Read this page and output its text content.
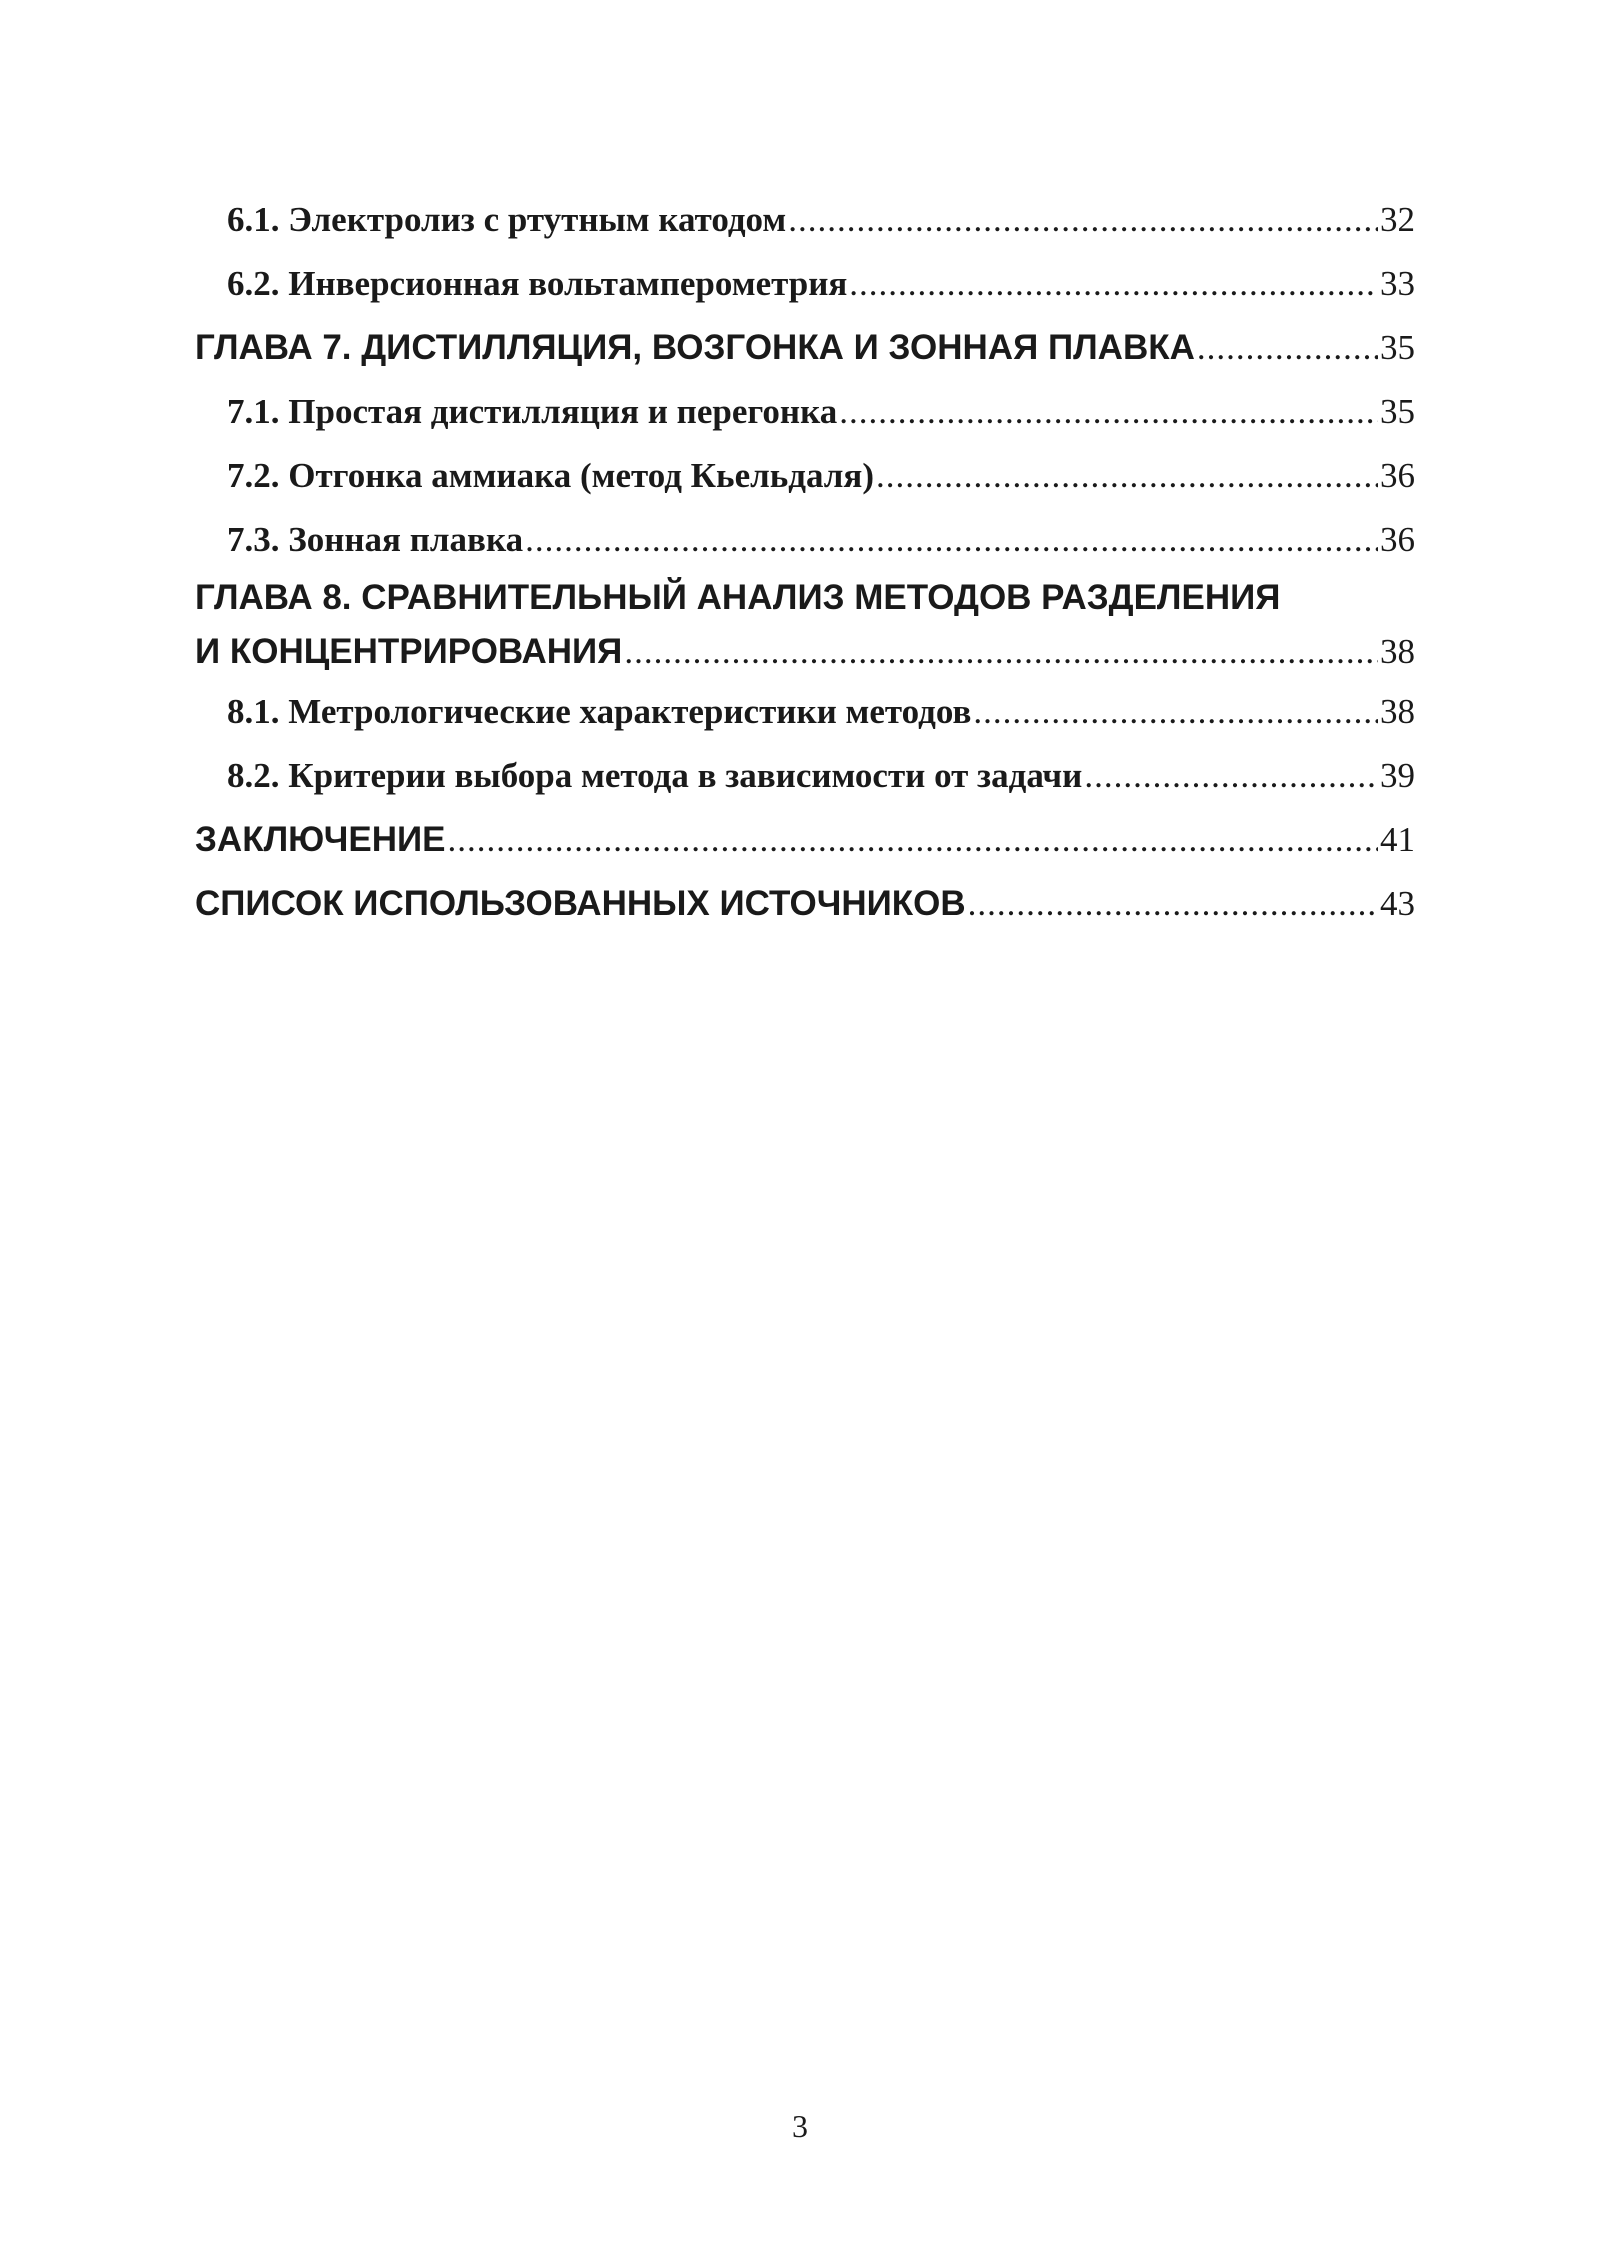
6.1. Электролиз с ртутным катодом .....	32
6.2. Инверсионная вольтамперометрия .....	33
ГЛАВА 7. ДИСТИЛЛЯЦИЯ, ВОЗГОНКА И ЗОННАЯ ПЛАВКА .....	35
7.1. Простая дистилляция и перегонка .....	35
7.2. Отгонка аммиака (метод Кьельдаля) .....	36
7.3. Зонная плавка .....	36
ГЛАВА 8. СРАВНИТЕЛЬНЫЙ АНАЛИЗ МЕТОДОВ РАЗДЕЛЕНИЯ
И КОНЦЕНТРИРОВАНИЯ .....	38
8.1. Метрологические характеристики методов .....	38
8.2. Критерии выбора метода в зависимости от задачи .....	39
ЗАКЛЮЧЕНИЕ .....	41
СПИСОК ИСПОЛЬЗОВАННЫХ ИСТОЧНИКОВ .....	43
3
